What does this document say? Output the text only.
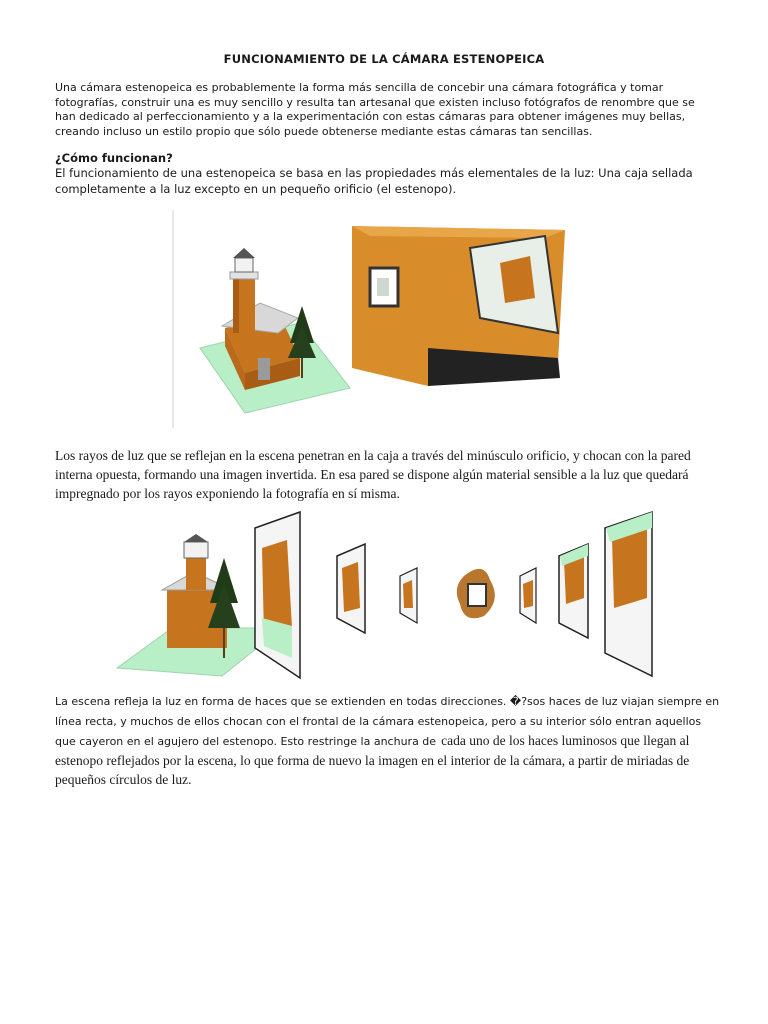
FUNCIONAMIENTO DE LA CÁMARA ESTENOPEICA

Una cámara estenopeica es probablemente la forma más sencilla de concebir una cámara fotográfica y tomar fotografías, construir una es muy sencillo y resulta tan artesanal que existen incluso fotógrafos de renombre que se han dedicado al perfeccionamiento y a la experimentación con estas cámaras para obtener imágenes muy bellas, creando incluso un estilo propio que sólo puede obtenerse mediante estas cámaras tan sencillas.

¿Cómo funcionan?

El funcionamiento de una estenopeica se basa en las propiedades más elementales de la luz: Una caja sellada completamente a la luz excepto en un pequeño orificio (el estenopo).

Los rayos de luz que se reflejan en la escena penetran en la caja a través del minúsculo orificio, y chocan con la pared interna opuesta, formando una imagen invertida. En esa pared se dispone algún material sensible a la luz que quedará impregnado por los rayos exponiendo la fotografía en sí misma.

La escena refleja la luz en forma de haces que se extienden en todas direcciones. �?sos haces de luz viajan siempre en línea recta, y muchos de ellos chocan con el frontal de la cámara estenopeica, pero a su interior sólo entran aquellos que cayeron en el agujero del estenopo. Esto restringe la anchura de cada uno de los haces luminosos que llegan al estenopo reflejados por la escena, lo que forma de nuevo la imagen en el interior de la cámara, a partir de miriadas de pequeños círculos de luz.
